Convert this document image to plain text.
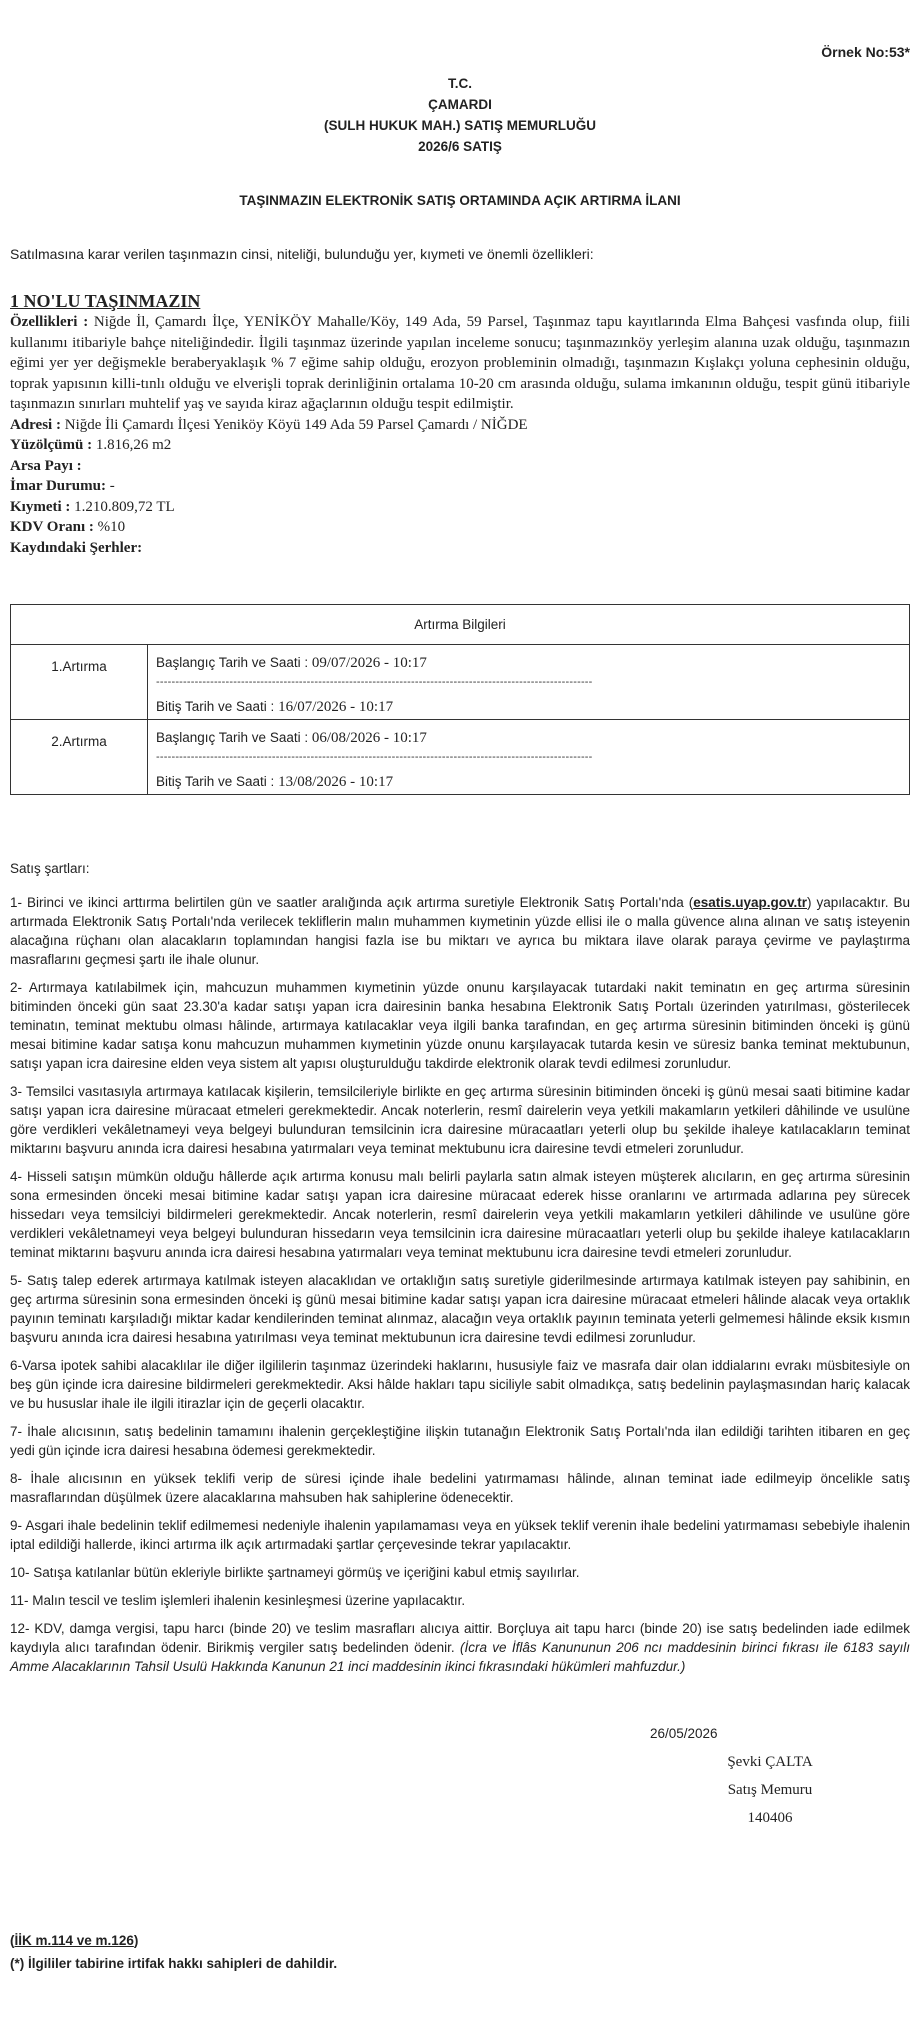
Örnek No:53*
T.C.
ÇAMARDI
(SULH HUKUK MAH.) SATIŞ MEMURLUĞU
2026/6 SATIŞ
TAŞINMAZIN ELEKTRONİK SATIŞ ORTAMINDA AÇIK ARTIRMA İLANI
Satılmasına karar verilen taşınmazın cinsi, niteliği, bulunduğu yer, kıymeti ve önemli özellikleri:
1 NO'LU TAŞINMAZIN
Özellikleri : Niğde İl, Çamardı İlçe, YENİKÖY Mahalle/Köy, 149 Ada, 59 Parsel, Taşınmaz tapu kayıtlarında Elma Bahçesi vasfında olup, fiili kullanımı itibariyle bahçe niteliğindedir. İlgili taşınmaz üzerinde yapılan inceleme sonucu; taşınmazınköy yerleşim alanına uzak olduğu, taşınmazın eğimi yer yer değişmekle beraberyaklaşık % 7 eğime sahip olduğu, erozyon probleminin olmadığı, taşınmazın Kışlakçı yoluna cephesinin olduğu, toprak yapısının killi-tınlı olduğu ve elverişli toprak derinliğinin ortalama 10-20 cm arasında olduğu, sulama imkanının olduğu, tespit günü itibariyle taşınmazın sınırları muhtelif yaş ve sayıda kiraz ağaçlarının olduğu tespit edilmiştir.
Adresi : Niğde İli Çamardı İlçesi Yeniköy Köyü 149 Ada 59 Parsel Çamardı / NİĞDE
Yüzölçümü : 1.816,26 m2
Arsa Payı :
İmar Durumu: -
Kıymeti : 1.210.809,72 TL
KDV Oranı : %10
Kaydındaki Şerhler:
Artırma Bilgileri	
1.Artırma	Başlangıç Tarih ve Saati : 09/07/2026 - 10:17
-----------------------------------------------------------------------------------------------------------------
Bitiş Tarih ve Saati : 16/07/2026 - 10:17

2.Artırma	Başlangıç Tarih ve Saati : 06/08/2026 - 10:17
-----------------------------------------------------------------------------------------------------------------
Bitiş Tarih ve Saati : 13/08/2026 - 10:17

Satış şartları:

1- Birinci ve ikinci arttırma belirtilen gün ve saatler aralığında açık artırma suretiyle Elektronik Satış Portalı'nda (esatis.uyap.gov.tr) yapılacaktır. Bu artırmada Elektronik Satış Portalı'nda verilecek tekliflerin malın muhammen kıymetinin yüzde ellisi ile o malla güvence alına alınan ve satış isteyenin alacağına rüçhanı olan alacakların toplamından hangisi fazla ise bu miktarı ve ayrıca bu miktara ilave olarak paraya çevirme ve paylaştırma masraflarını geçmesi şartı ile ihale olunur.

2- Artırmaya katılabilmek için, mahcuzun muhammen kıymetinin yüzde onunu karşılayacak tutardaki nakit teminatın en geç artırma süresinin bitiminden önceki gün saat 23.30'a kadar satışı yapan icra dairesinin banka hesabına Elektronik Satış Portalı üzerinden yatırılması, gösterilecek teminatın, teminat mektubu olması hâlinde, artırmaya katılacaklar veya ilgili banka tarafından, en geç artırma süresinin bitiminden önceki iş günü mesai bitimine kadar satışa konu mahcuzun muhammen kıymetinin yüzde onunu karşılayacak tutarda kesin ve süresiz banka teminat mektubunun, satışı yapan icra dairesine elden veya sistem alt yapısı oluşturulduğu takdirde elektronik olarak tevdi edilmesi zorunludur.

3- Temsilci vasıtasıyla artırmaya katılacak kişilerin, temsilcileriyle birlikte en geç artırma süresinin bitiminden önceki iş günü mesai saati bitimine kadar satışı yapan icra dairesine müracaat etmeleri gerekmektedir. Ancak noterlerin, resmî dairelerin veya yetkili makamların yetkileri dâhilinde ve usulüne göre verdikleri vekâletnameyi veya belgeyi bulunduran temsilcinin icra dairesine müracaatları yeterli olup bu şekilde ihaleye katılacakların teminat miktarını başvuru anında icra dairesi hesabına yatırmaları veya teminat mektubunu icra dairesine tevdi etmeleri zorunludur.

4- Hisseli satışın mümkün olduğu hâllerde açık artırma konusu malı belirli paylarla satın almak isteyen müşterek alıcıların, en geç artırma süresinin sona ermesinden önceki mesai bitimine kadar satışı yapan icra dairesine müracaat ederek hisse oranlarını ve artırmada adlarına pey sürecek hissedarı veya temsilciyi bildirmeleri gerekmektedir. Ancak noterlerin, resmî dairelerin veya yetkili makamların yetkileri dâhilinde ve usulüne göre verdikleri vekâletnameyi veya belgeyi bulunduran hissedarın veya temsilcinin icra dairesine müracaatları yeterli olup bu şekilde ihaleye katılacakların teminat miktarını başvuru anında icra dairesi hesabına yatırmaları veya teminat mektubunu icra dairesine tevdi etmeleri zorunludur.

5- Satış talep ederek artırmaya katılmak isteyen alacaklıdan ve ortaklığın satış suretiyle giderilmesinde artırmaya katılmak isteyen pay sahibinin, en geç artırma süresinin sona ermesinden önceki iş günü mesai bitimine kadar satışı yapan icra dairesine müracaat etmeleri hâlinde alacak veya ortaklık payının teminatı karşıladığı miktar kadar kendilerinden teminat alınmaz, alacağın veya ortaklık payının teminata yeterli gelmemesi hâlinde eksik kısmın başvuru anında icra dairesi hesabına yatırılması veya teminat mektubunun icra dairesine tevdi edilmesi zorunludur.

6-Varsa ipotek sahibi alacaklılar ile diğer ilgililerin taşınmaz üzerindeki haklarını, hususiyle faiz ve masrafa dair olan iddialarını evrakı müsbitesiyle on beş gün içinde icra dairesine bildirmeleri gerekmektedir. Aksi hâlde hakları tapu siciliyle sabit olmadıkça, satış bedelinin paylaşmasından hariç kalacak ve bu hususlar ihale ile ilgili itirazlar için de geçerli olacaktır.

7- İhale alıcısının, satış bedelinin tamamını ihalenin gerçekleştiğine ilişkin tutanağın Elektronik Satış Portalı'nda ilan edildiği tarihten itibaren en geç yedi gün içinde icra dairesi hesabına ödemesi gerekmektedir.

8- İhale alıcısının en yüksek teklifi verip de süresi içinde ihale bedelini yatırmaması hâlinde, alınan teminat iade edilmeyip öncelikle satış masraflarından düşülmek üzere alacaklarına mahsuben hak sahiplerine ödenecektir.

9- Asgari ihale bedelinin teklif edilmemesi nedeniyle ihalenin yapılamaması veya en yüksek teklif verenin ihale bedelini yatırmaması sebebiyle ihalenin iptal edildiği hallerde, ikinci artırma ilk açık artırmadaki şartlar çerçevesinde tekrar yapılacaktır.

10- Satışa katılanlar bütün ekleriyle birlikte şartnameyi görmüş ve içeriğini kabul etmiş sayılırlar.

11- Malın tescil ve teslim işlemleri ihalenin kesinleşmesi üzerine yapılacaktır.

12- KDV, damga vergisi, tapu harcı (binde 20) ve teslim masrafları alıcıya aittir. Borçluya ait tapu harcı (binde 20) ise satış bedelinden iade edilmek kaydıyla alıcı tarafından ödenir. Birikmiş vergiler satış bedelinden ödenir. (İcra ve İflâs Kanununun 206 ncı maddesinin birinci fıkrası ile 6183 sayılı Amme Alacaklarının Tahsil Usulü Hakkında Kanunun 21 inci maddesinin ikinci fıkrasındaki hükümleri mahfuzdur.)

26/05/2026
Şevki ÇALTA
Satış Memuru
140406
(İİK m.114 ve m.126)
(*) İlgililer tabirine irtifak hakkı sahipleri de dahildir.
